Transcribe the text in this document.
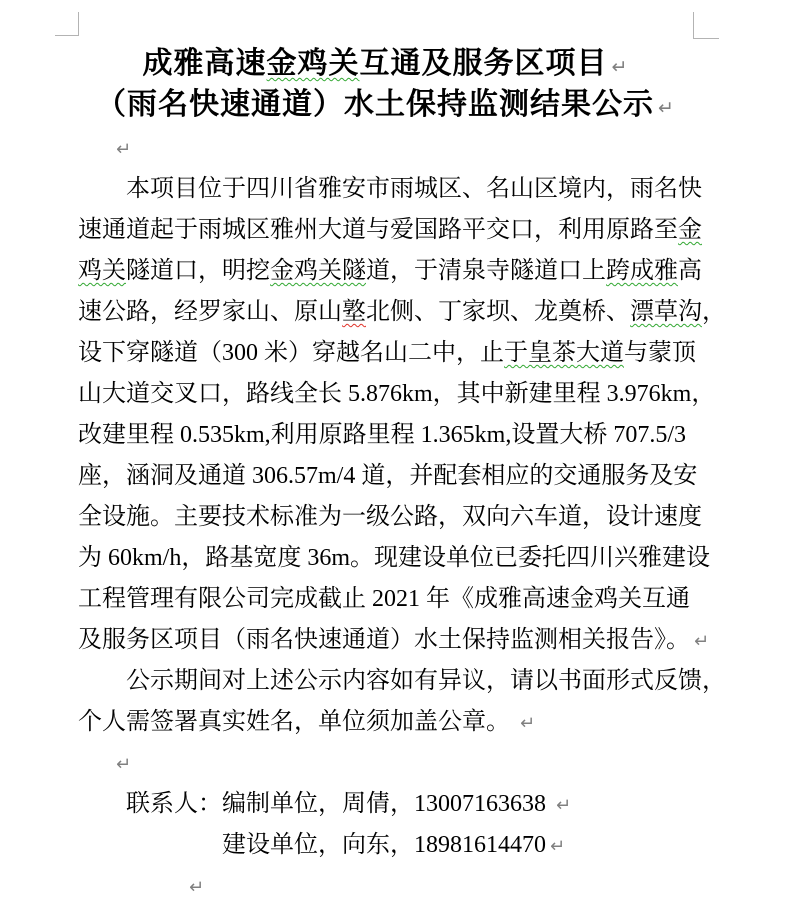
成雅高速金鸡关互通及服务区项目 ↵
（雨名快速通道）水土保持监测结果公示 ↵
↵
本项目位于四川省雅安市雨城区、名山区境内，雨名快
速通道起于雨城区雅州大道与爱国路平交口，利用原路至金
鸡关隧道口，明挖金鸡关隧道，于清泉寺隧道口上跨成雅高
速公路，经罗家山、原山墪北侧、丁家坝、龙奠桥、漂草沟，
设下穿隧道（300 米）穿越名山二中，止于皇茶大道与蒙顶
山大道交叉口，路线全长 5.876km，其中新建里程 3.976km，
改建里程 0.535km,利用原路里程 1.365km,设置大桥 707.5/3
座，涵洞及通道 306.57m/4 道，并配套相应的交通服务及安
全设施。主要技术标准为一级公路，双向六车道，设计速度
为 60km/h，路基宽度 36m。现建设单位已委托四川兴雅建设
工程管理有限公司完成截止 2021 年《成雅高速金鸡关互通
及服务区项目（雨名快速通道）水土保持监测相关报告》。 ↵
公示期间对上述公示内容如有异议，请以书面形式反馈，
个人需签署真实姓名，单位须加盖公章。 ↵
↵
联系人：编制单位，周倩，13007163638 ↵
建设单位，向东，18981614470 ↵
↵
